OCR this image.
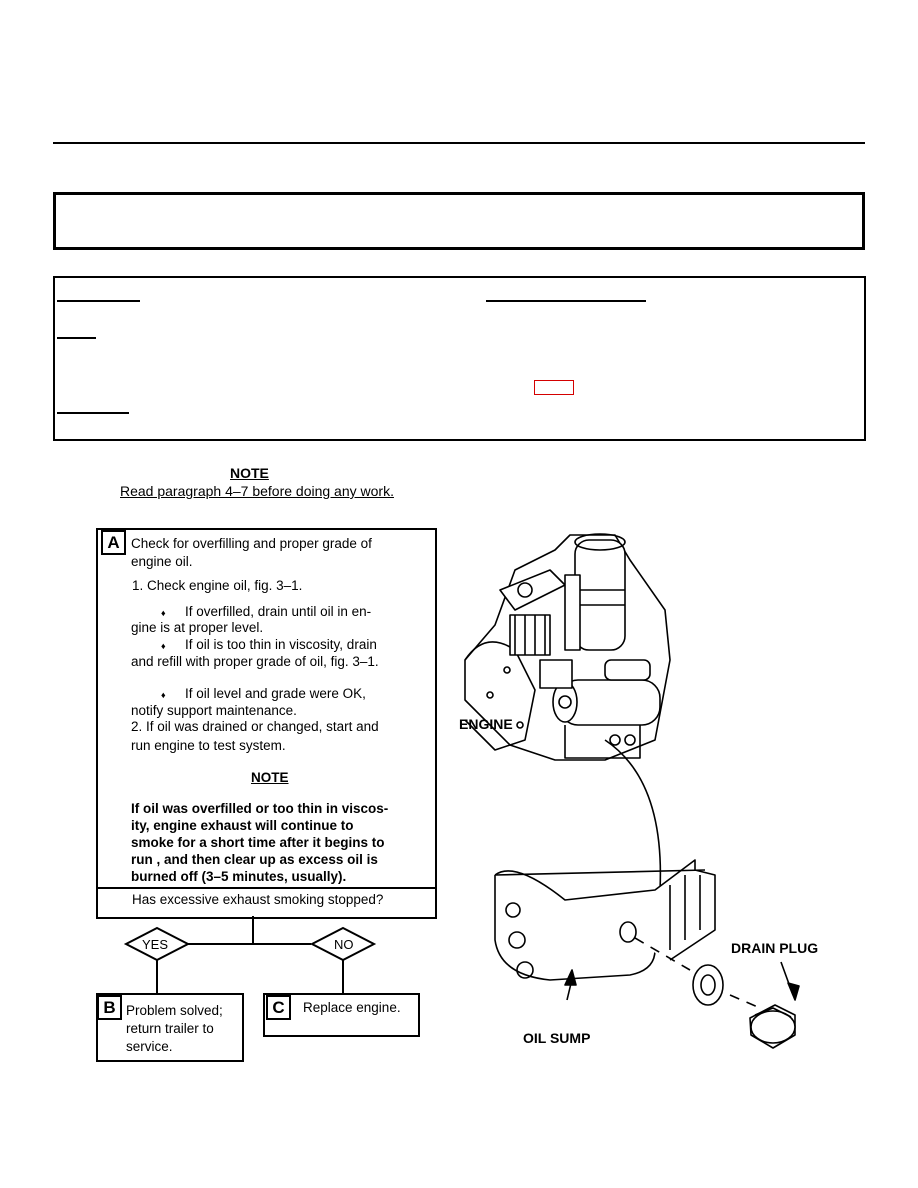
NOTE
Read paragraph 4–7 before doing any work.
A Check for overfilling and proper grade of
engine oil.
1. Check engine oil, fig. 3–1.
♦ If overfilled, drain until oil in en-
gine is at proper level.
♦ If oil is too thin in viscosity, drain
and refill with proper grade of oil, fig. 3–1.
♦ If oil level and grade were OK,
notify support maintenance.
2. If oil was drained or changed, start and
run engine to test system.
NOTE
If oil was overfilled or too thin in viscos-
ity, engine exhaust will continue to
smoke for a short time after it begins to
run , and then clear up as excess oil is
burned off (3–5 minutes, usually).
Has excessive exhaust smoking stopped?
YES	NO
B Problem solved;
return trailer to
service.
C	Replace engine.
ENGINE
DRAIN PLUG
OIL SUMP
